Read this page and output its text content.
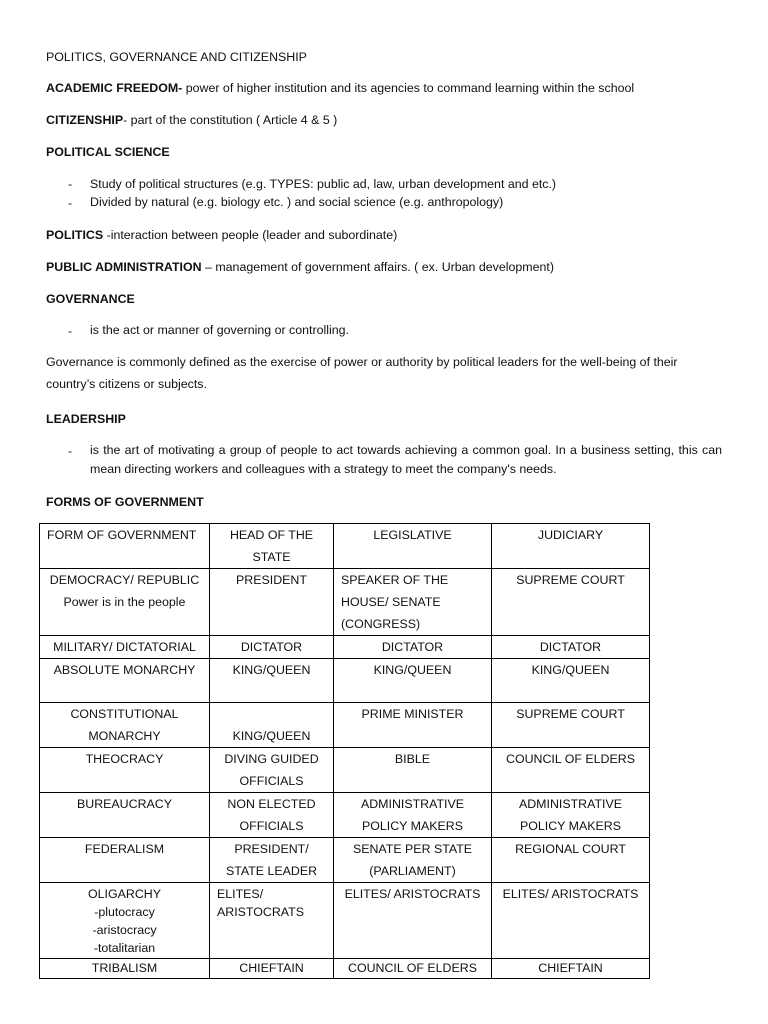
POLITICS, GOVERNANCE AND CITIZENSHIP
ACADEMIC FREEDOM- power of higher institution and its agencies to command learning within the school
CITIZENSHIP- part of the constitution ( Article 4 & 5 )
POLITICAL SCIENCE
- Study of political structures (e.g. TYPES: public ad, law, urban development and etc.)
- Divided by natural (e.g. biology etc. ) and social science (e.g. anthropology)
POLITICS -interaction between people (leader and subordinate)
PUBLIC ADMINISTRATION – management of government affairs. ( ex. Urban development)
GOVERNANCE
- is the act or manner of governing or controlling.
Governance is commonly defined as the exercise of power or authority by political leaders for the well-being of their country’s citizens or subjects.
LEADERSHIP
- is the art of motivating a group of people to act towards achieving a common goal. In a business setting, this can mean directing workers and colleagues with a strategy to meet the company's needs.
FORMS OF GOVERNMENT
FORM OF GOVERNMENT	HEAD OF THE STATE	LEGISLATIVE	JUDICIARY

DEMOCRACY/ REPUBLIC
Power is in the people	PRESIDENT	SPEAKER OF THE HOUSE/ SENATE (CONGRESS)	SUPREME COURT
MILITARY/ DICTATORIAL	DICTATOR	DICTATOR	DICTATOR
ABSOLUTE MONARCHY	KING/QUEEN	KING/QUEEN	KING/QUEEN
CONSTITUTIONAL MONARCHY	KING/QUEEN	PRIME MINISTER	SUPREME COURT
THEOCRACY	DIVING GUIDED OFFICIALS	BIBLE	COUNCIL OF ELDERS
BUREAUCRACY	NON ELECTED OFFICIALS	ADMINISTRATIVE POLICY MAKERS	ADMINISTRATIVE POLICY MAKERS
FEDERALISM	PRESIDENT/ STATE LEADER	SENATE PER STATE (PARLIAMENT)	REGIONAL COURT

OLIGARCHY
-plutocracy
-aristocracy
-totalitarian	ELITES/ ARISTOCRATS	ELITES/ ARISTOCRATS	ELITES/ ARISTOCRATS
TRIBALISM	CHIEFTAIN	COUNCIL OF ELDERS	CHIEFTAIN
